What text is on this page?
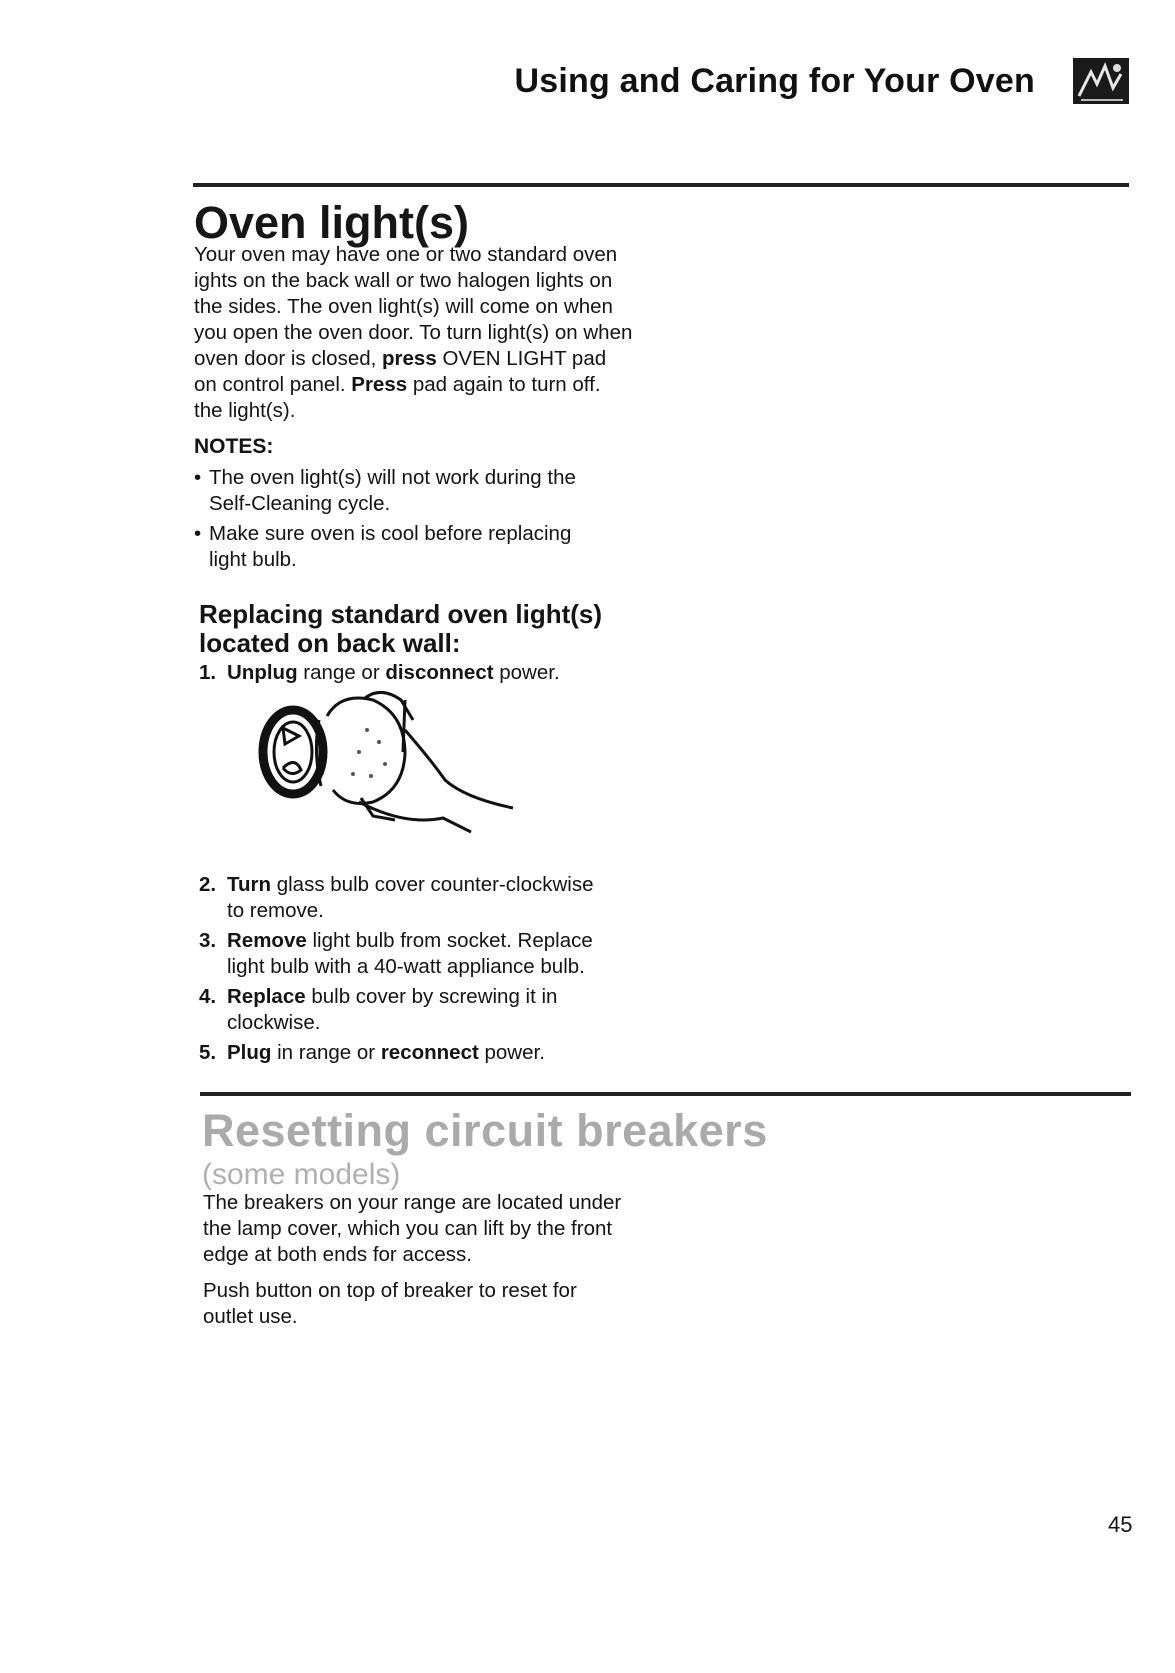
Using and Caring for Your Oven
Oven light(s)
Your oven may have one or two standard oven
ights on the back wall or two halogen lights on
the sides. The oven light(s) will come on when
you open the oven door. To turn light(s) on when
oven door is closed, press OVEN LIGHT pad
on control panel. Press pad again to turn off.
the light(s).
NOTES:
• The oven light(s) will not work during the
Self-Cleaning cycle.
• Make sure oven is cool before replacing
light bulb.
Replacing standard oven light(s)
located on back wall:
1. Unplug range or disconnect power.
2. Turn glass bulb cover counter-clockwise
to remove.
3. Remove light bulb from socket. Replace
light bulb with a 40-watt appliance bulb.
4. Replace bulb cover by screwing it in
clockwise.
5. Plug in range or reconnect power.
Resetting circuit breakers
(some models)
The breakers on your range are located under
the lamp cover, which you can lift by the front
edge at both ends for access.
Push button on top of breaker to reset for
outlet use.
45
